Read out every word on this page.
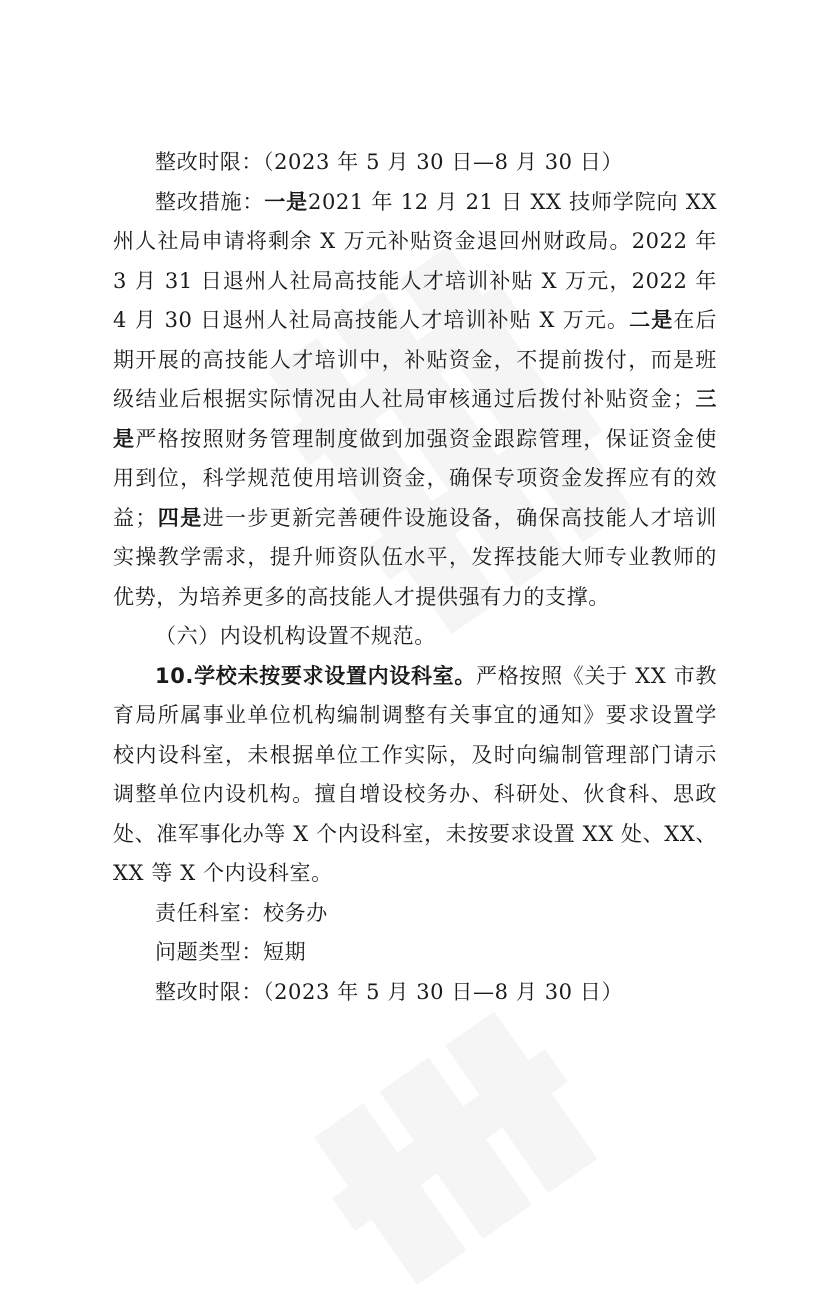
整改时限：（2023 年 5 月 30 日—8 月 30 日）

整改措施：一是2021 年 12 月 21 日 XX 技师学院向 XX 州人社局申请将剩余 X 万元补贴资金退回州财政局。2022 年 3 月 31 日退州人社局高技能人才培训补贴 X 万元，2022 年 4 月 30 日退州人社局高技能人才培训补贴 X 万元。二是在后期开展的高技能人才培训中，补贴资金，不提前拨付，而是班级结业后根据实际情况由人社局审核通过后拨付补贴资金；三是严格按照财务管理制度做到加强资金跟踪管理，保证资金使用到位，科学规范使用培训资金，确保专项资金发挥应有的效益；四是进一步更新完善硬件设施设备，确保高技能人才培训实操教学需求，提升师资队伍水平，发挥技能大师专业教师的优势，为培养更多的高技能人才提供强有力的支撑。

（六）内设机构设置不规范。

10.学校未按要求设置内设科室。严格按照《关于 XX 市教育局所属事业单位机构编制调整有关事宜的通知》要求设置学校内设科室，未根据单位工作实际，及时向编制管理部门请示调整单位内设机构。擅自增设校务办、科研处、伙食科、思政处、准军事化办等 X 个内设科室，未按要求设置 XX 处、XX、XX 等 X 个内设科室。

责任科室：校务办

问题类型：短期

整改时限：（2023 年 5 月 30 日—8 月 30 日）
